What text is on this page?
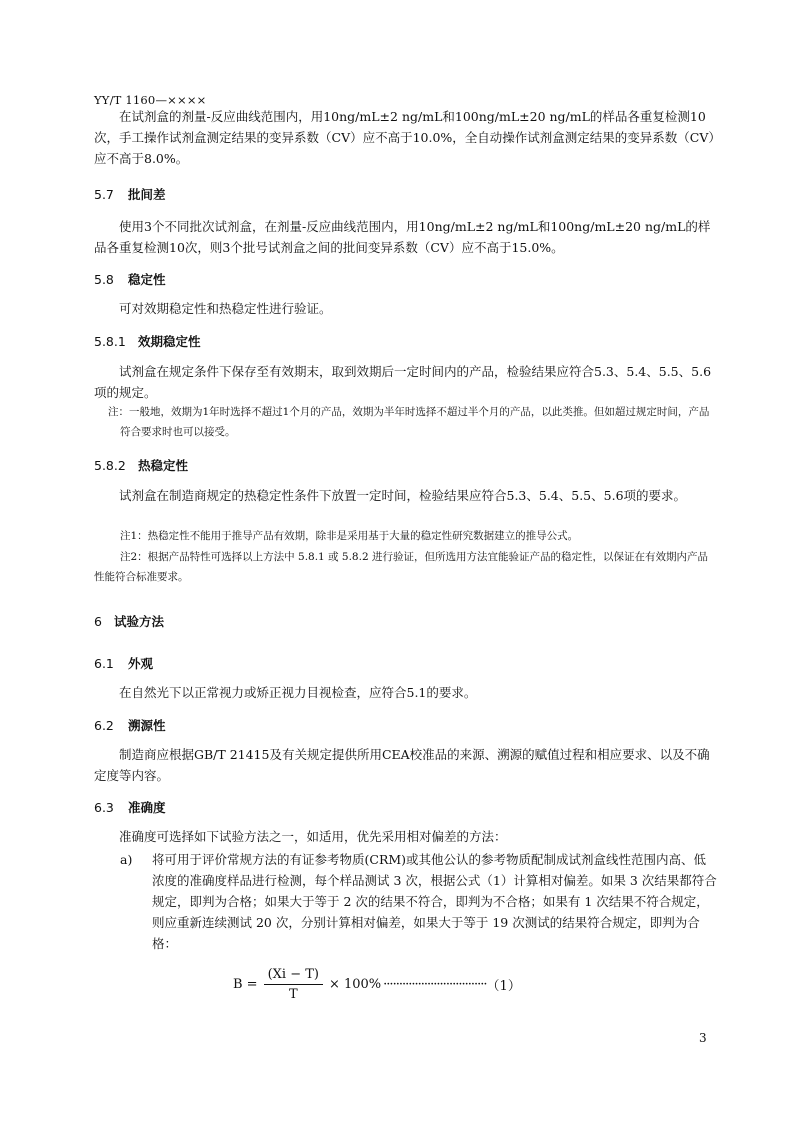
YY/T 1160—××××
在试剂盒的剂量-反应曲线范围内，用10ng/mL±2 ng/mL和100ng/mL±20 ng/mL的样品各重复检测10次，手工操作试剂盒测定结果的变异系数（CV）应不高于10.0%，全自动操作试剂盒测定结果的变异系数（CV）应不高于8.0%。
5.7 批间差
使用3个不同批次试剂盒，在剂量-反应曲线范围内，用10ng/mL±2 ng/mL和100ng/mL±20 ng/mL的样品各重复检测10次，则3个批号试剂盒之间的批间变异系数（CV）应不高于15.0%。
5.8 稳定性
可对效期稳定性和热稳定性进行验证。
5.8.1 效期稳定性
试剂盒在规定条件下保存至有效期末，取到效期后一定时间内的产品，检验结果应符合5.3、5.4、5.5、5.6项的规定。
注：一般地，效期为1年时选择不超过1个月的产品，效期为半年时选择不超过半个月的产品，以此类推。但如超过规定时间，产品符合要求时也可以接受。
5.8.2 热稳定性
试剂盒在制造商规定的热稳定性条件下放置一定时间，检验结果应符合5.3、5.4、5.5、5.6项的要求。
注1：热稳定性不能用于推导产品有效期，除非是采用基于大量的稳定性研究数据建立的推导公式。
注2：根据产品特性可选择以上方法中 5.8.1 或 5.8.2 进行验证，但所选用方法宜能验证产品的稳定性，以保证在有效期内产品性能符合标准要求。
6 试验方法
6.1 外观
在自然光下以正常视力或矫正视力目视检查，应符合5.1的要求。
6.2 溯源性
制造商应根据GB/T 21415及有关规定提供所用CEA校准品的来源、溯源的赋值过程和相应要求、以及不确定度等内容。
6.3 准确度
准确度可选择如下试验方法之一，如适用，优先采用相对偏差的方法：
a) 将可用于评价常规方法的有证参考物质(CRM)或其他公认的参考物质配制成试剂盒线性范围内高、低浓度的准确度样品进行检测，每个样品测试 3 次，根据公式（1）计算相对偏差。如果 3 次结果都符合规定，即判为合格；如果大于等于 2 次的结果不符合，即判为不合格；如果有 1 次结果不符合规定，则应重新连续测试 20 次，分别计算相对偏差，如果大于等于 19 次测试的结果符合规定，即判为合格：
$B = \frac{(Xi - T)}{T} \times 100\%$ ································· （1）
3
